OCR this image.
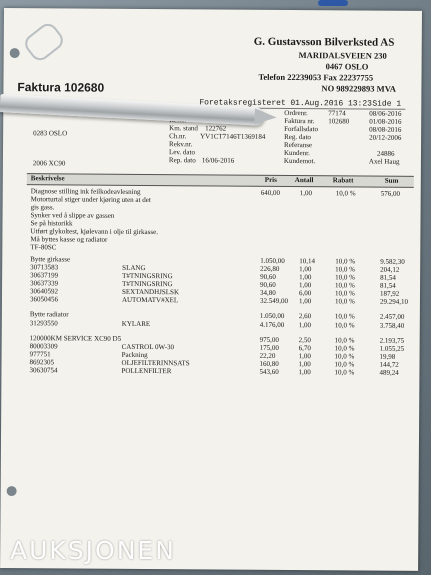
G. Gustavsson Bilverksted AS
MARIDALSVEIEN 230
0467 OSLO
Telefon 22239053 Fax 22237755
NO 989229893 MVA
Faktura 102680
Foretaksregisteret 01.Aug.2016 13:23 Side 1
0283 OSLO
2006 XC90
Km. stand 122762
Ch.nr. YV1CT7146T1369184
Rekv.nr.
Lev. dato
Rep. dato 16/06-2016
Ordrenr.	77174	08/06-2016
Faktura nr. 102680	01/08-2016
Forfallsdato	08/08-2016
Reg. dato	20/12-2006
Referanse
Kundenr.	24886
Kundemot.	Axel Haug
Beskrivelse	Pris	Antall	Rabatt	Sum
Diagnose stilling ink feilkodeavlesning	640,00	1,00	10,0 %	576,00
Motorturtal stiger under kjøring uten at det
gis gass.
Synker ved å slippe av gassen
Se på historikk
Utført glykoltest, kjølevann i olje til girkasse.
Må byttes kasse og radiator
TF-80SC
Bytte girkasse	1.050,00 10,14	10,0 %	9.582,30
30713583	SLANG	226,80	1,00	10,0 %	204,12
30637199	T#TNINGSRING	90,60	1,00	10,0 %	81,54
30637339	T#TNINGSRING	90,60	1,00	10,0 %	81,54
30640592	SEXTANDHJSLSK	34,80	6,00	10,0 %	187,92
36050456	AUTOMATV#XEL	32.549,00 1,00	10,0 %	29.294,10
Bytte radiator	1.050,00 2,60	10,0 %	2.457,00
31293550	KYLARE	4.176,00 1,00	10,0 %	3.758,40
120000KM SERVICE XC90 D5	975,00	2,50	10,0 %	2.193,75
80003309	CASTROL 0W-30	175,00	6,70	10,0 %	1.055,25
977751	Packning	22,20	1,00	10,0 %	19,98
8692305	OLJEFILTERINNSATS	160,80	1,00	10,0 %	144,72
30630754	POLLENFILTER	543,60	1,00	10,0 %	489,24
AUKSJONEN
